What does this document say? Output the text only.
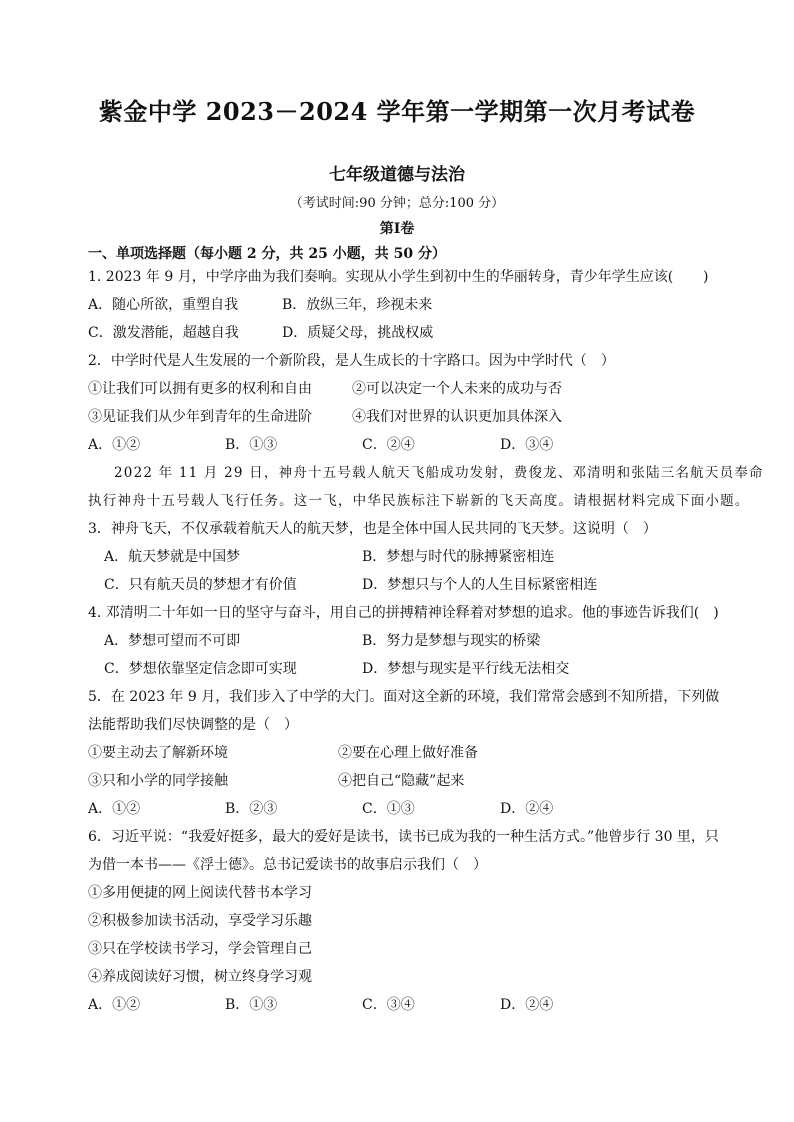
紫金中学 2023－2024 学年第一学期第一次月考试卷
七年级道德与法治
（考试时间:90 分钟；总分:100 分）
第Ⅰ卷
一、单项选择题（每小题 2 分，共 25 小题，共 50 分）
1. 2023 年 9 月，中学序曲为我们奏响。实现从小学生到初中生的华丽转身，青少年学生应该( )
A．随心所欲，重塑自我	B．放纵三年，珍视未来
C．激发潜能，超越自我	D．质疑父母，挑战权威
2．中学时代是人生发展的一个新阶段，是人生成长的十字路口。因为中学时代（　）
①让我们可以拥有更多的权利和自由	②可以决定一个人未来的成功与否
③见证我们从少年到青年的生命进阶	④我们对世界的认识更加具体深入
A．①②	B．①③	C．②④	D．③④
2022 年 11 月 29 日，神舟十五号载人航天飞船成功发射，费俊龙、邓清明和张陆三名航天员奉命
执行神舟十五号载人飞行任务。这一飞，中华民族标注下崭新的飞天高度。请根据材料完成下面小题。
3．神舟飞天，不仅承载着航天人的航天梦，也是全体中国人民共同的飞天梦。这说明（　）
A．航天梦就是中国梦	B．梦想与时代的脉搏紧密相连
C．只有航天员的梦想才有价值	D．梦想只与个人的人生目标紧密相连
4. 邓清明二十年如一日的坚守与奋斗，用自己的拼搏精神诠释着对梦想的追求。他的事迹告诉我们(　)
A．梦想可望而不可即	B．努力是梦想与现实的桥梁
C．梦想依靠坚定信念即可实现	D．梦想与现实是平行线无法相交
5．在 2023 年 9 月，我们步入了中学的大门。面对这全新的环境，我们常常会感到不知所措，下列做
法能帮助我们尽快调整的是（　）
①要主动去了解新环境	②要在心理上做好准备
③只和小学的同学接触	④把自己“隐藏”起来
A．①②	B．②③	C．①③	D．②④
6．习近平说：“我爱好挺多，最大的爱好是读书，读书已成为我的一种生活方式。”他曾步行 30 里，只
为借一本书——《浮士德》。总书记爱读书的故事启示我们（　）
①多用便捷的网上阅读代替书本学习
②积极参加读书活动，享受学习乐趣
③只在学校读书学习，学会管理自己
④养成阅读好习惯，树立终身学习观
A．①②	B．①③	C．③④	D．②④
